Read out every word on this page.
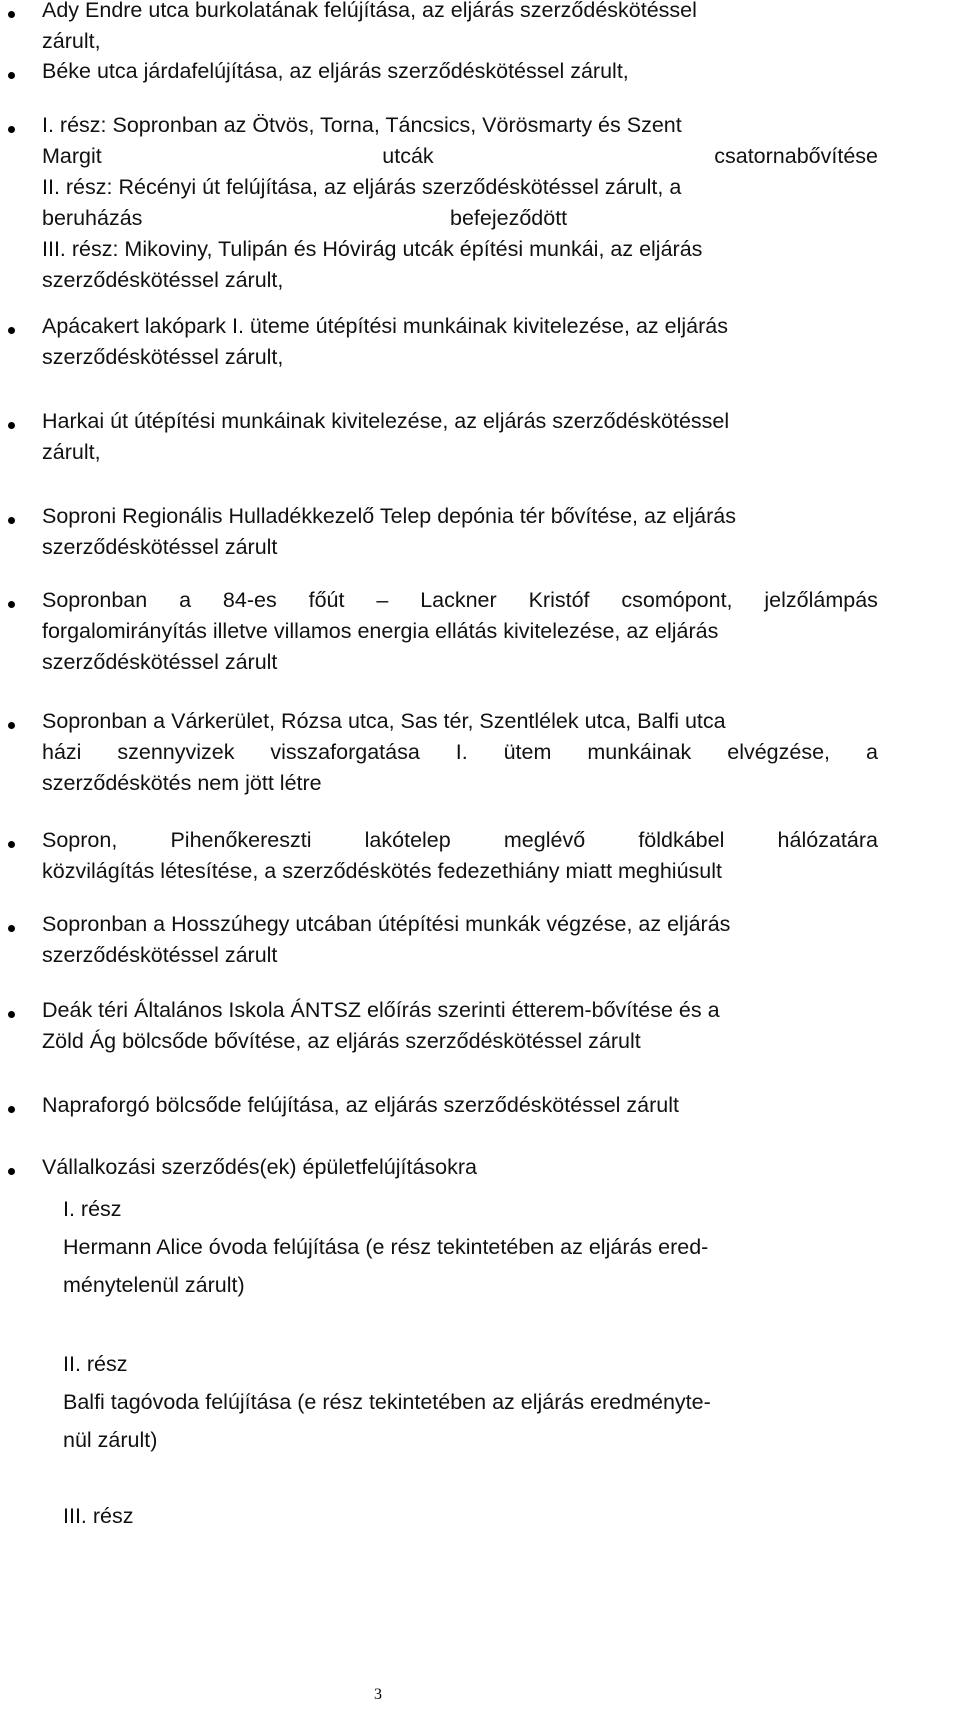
Ady Endre utca burkolatának felújítása, az eljárás szerződéskötéssel
zárult,
Béke utca járdafelújítása, az eljárás szerződéskötéssel zárult,
I. rész: Sopronban az Ötvös, Torna, Táncsics, Vörösmarty és Szent
Margit	utcák	csatornabővítése
II. rész: Récényi út felújítása, az eljárás szerződéskötéssel zárult, a
beruházás	befejeződött
III. rész: Mikoviny, Tulipán és Hóvirág utcák építési munkái, az eljárás
szerződéskötéssel zárult,
Apácakert lakópark I. üteme útépítési munkáinak kivitelezése, az eljárás
szerződéskötéssel zárult,
Harkai út útépítési munkáinak kivitelezése, az eljárás szerződéskötéssel
zárult,
Soproni Regionális Hulladékkezelő Telep depónia tér bővítése, az eljárás
szerződéskötéssel zárult
Sopronban a 84-es főút – Lackner Kristóf csomópont, jelzőlámpás
forgalomirányítás illetve villamos energia ellátás kivitelezése, az eljárás
szerződéskötéssel zárult
Sopronban a Várkerület, Rózsa utca, Sas tér, Szentlélek utca, Balfi utca
házi szennyvizek visszaforgatása I. ütem munkáinak elvégzése, a
szerződéskötés nem jött létre
Sopron, Pihenőkereszti lakótelep meglévő földkábel hálózatára
közvilágítás létesítése, a szerződéskötés fedezethiány miatt meghiúsult
Sopronban a Hosszúhegy utcában útépítési munkák végzése, az eljárás
szerződéskötéssel zárult
Deák téri Általános Iskola ÁNTSZ előírás szerinti étterem-bővítése és a
Zöld Ág bölcsőde bővítése, az eljárás szerződéskötéssel zárult
Napraforgó bölcsőde felújítása, az eljárás szerződéskötéssel zárult
Vállalkozási szerződés(ek) épületfelújításokra
I. rész
Hermann Alice óvoda felújítása (e rész tekintetében az eljárás ered-
ménytelenül zárult)
II. rész
Balfi tagóvoda felújítása (e rész tekintetében az eljárás eredményte-
nül zárult)
III. rész
3
